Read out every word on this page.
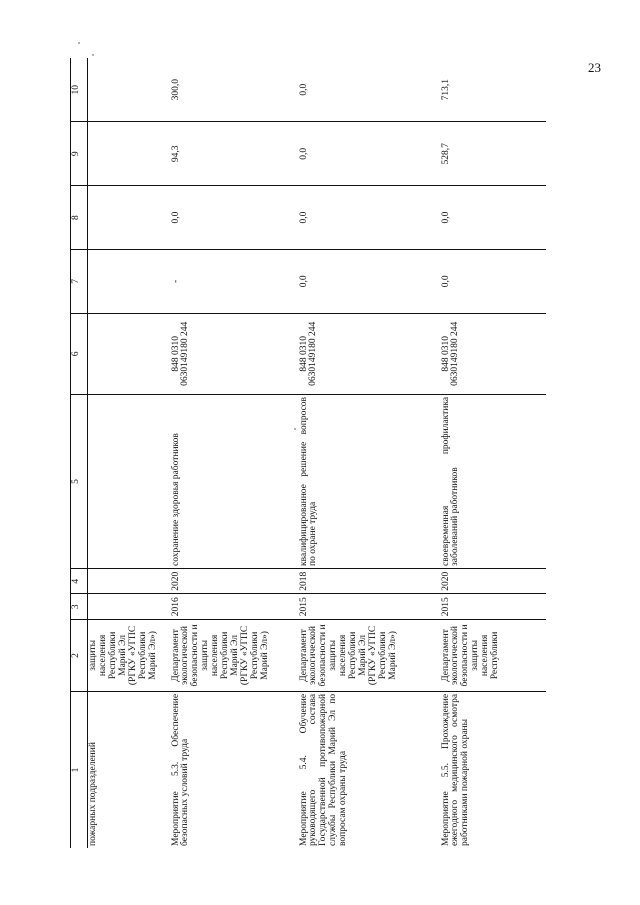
23
1	2	3	4	5	6	7	8	9	10
пожарных подразделений	защиты населения Республики Марий Эл (РГКУ «УГПС Республики Марий Эл»)				

Мероприятие 5.3. Обеспечение безопасных условий труда	Департамент экологической безопасности и защиты населения Республики Марий Эл (РГКУ «УГПС Республики Марий Эл»)	2016	2020	сохранение здоровья работников	848 0310
0630149180 244	-	0,0	94,3	300,0
Мероприятие 5.4. Обучение руководящего состава Государственной противопожарной службы Республики Марий Эл по вопросам охраны труда	Департамент экологической безопасности и защиты населения Республики Марий Эл (РГКУ «УГПС Республики Марий Эл»)	2015	2018	квалифицированное решение вопросов по охране труда	848 0310
0630149180 244	0,0	0,0	0,0	0,0
Мероприятие 5.5. Прохождение ежегодного медицинского осмотра работниками пожарной охраны	Департамент экологической безопасности и защиты населения Республики	2015	2020	своевременная профилактика заболеваний работников	848 0310
0630149180 244	0,0	0,0	528,7	713,1
